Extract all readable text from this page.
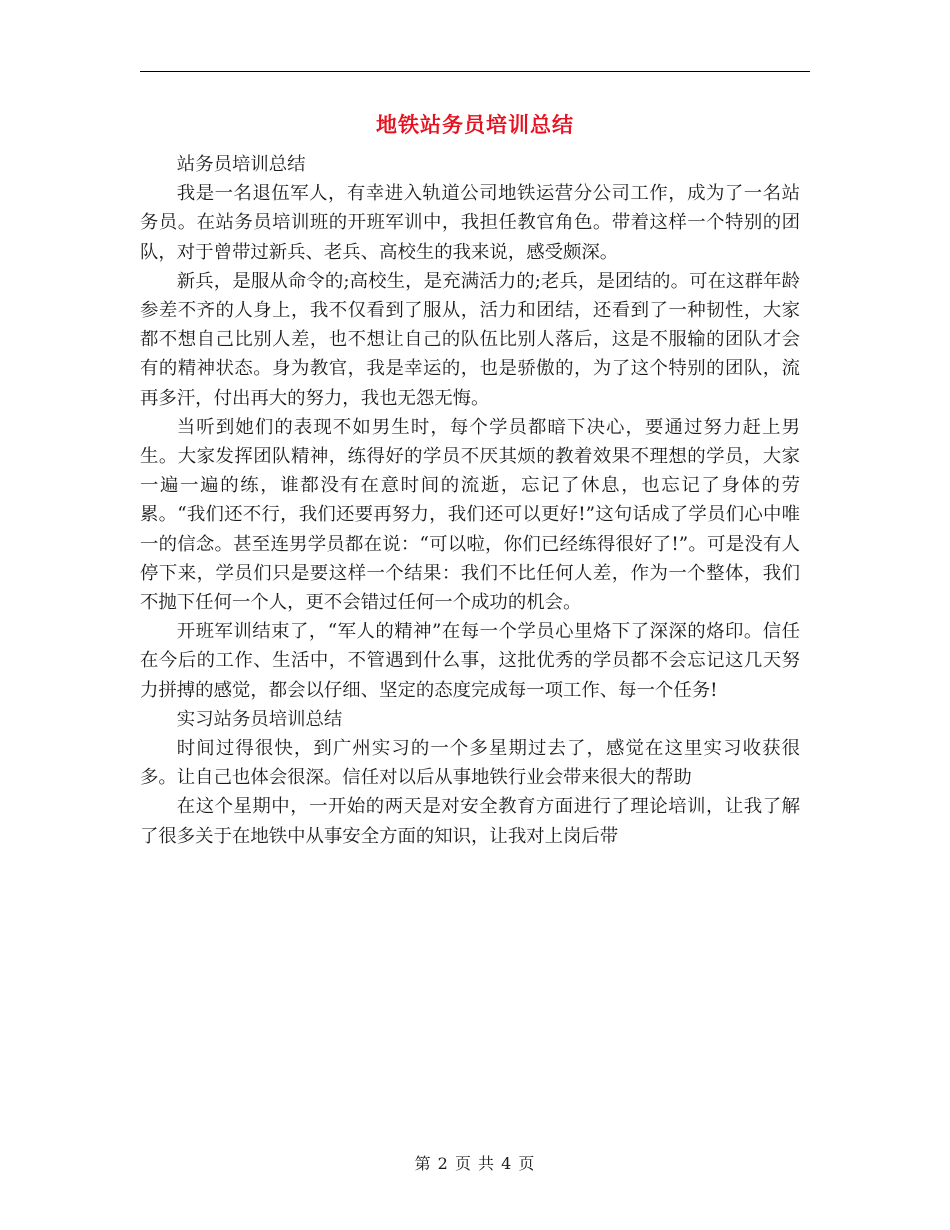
地铁站务员培训总结

站务员培训总结

我是一名退伍军人，有幸进入轨道公司地铁运营分公司工作，成为了一名站务员。在站务员培训班的开班军训中，我担任教官角色。带着这样一个特别的团队，对于曾带过新兵、老兵、高校生的我来说，感受颇深。

新兵，是服从命令的;高校生，是充满活力的;老兵，是团结的。可在这群年龄参差不齐的人身上，我不仅看到了服从，活力和团结，还看到了一种韧性，大家都不想自己比别人差，也不想让自己的队伍比别人落后，这是不服输的团队才会有的精神状态。身为教官，我是幸运的，也是骄傲的，为了这个特别的团队，流再多汗，付出再大的努力，我也无怨无悔。

当听到她们的表现不如男生时，每个学员都暗下决心，要通过努力赶上男生。大家发挥团队精神，练得好的学员不厌其烦的教着效果不理想的学员，大家一遍一遍的练，谁都没有在意时间的流逝，忘记了休息，也忘记了身体的劳累。“我们还不行，我们还要再努力，我们还可以更好!”这句话成了学员们心中唯一的信念。甚至连男学员都在说：“可以啦，你们已经练得很好了!”。可是没有人停下来，学员们只是要这样一个结果：我们不比任何人差，作为一个整体，我们不抛下任何一个人，更不会错过任何一个成功的机会。

开班军训结束了，“军人的精神”在每一个学员心里烙下了深深的烙印。信任在今后的工作、生活中，不管遇到什么事，这批优秀的学员都不会忘记这几天努力拼搏的感觉，都会以仔细、坚定的态度完成每一项工作、每一个任务!

实习站务员培训总结

时间过得很快，到广州实习的一个多星期过去了，感觉在这里实习收获很多。让自己也体会很深。信任对以后从事地铁行业会带来很大的帮助

在这个星期中，一开始的两天是对安全教育方面进行了理论培训，让我了解了很多关于在地铁中从事安全方面的知识，让我对上岗后带

第 2 页 共 4 页
